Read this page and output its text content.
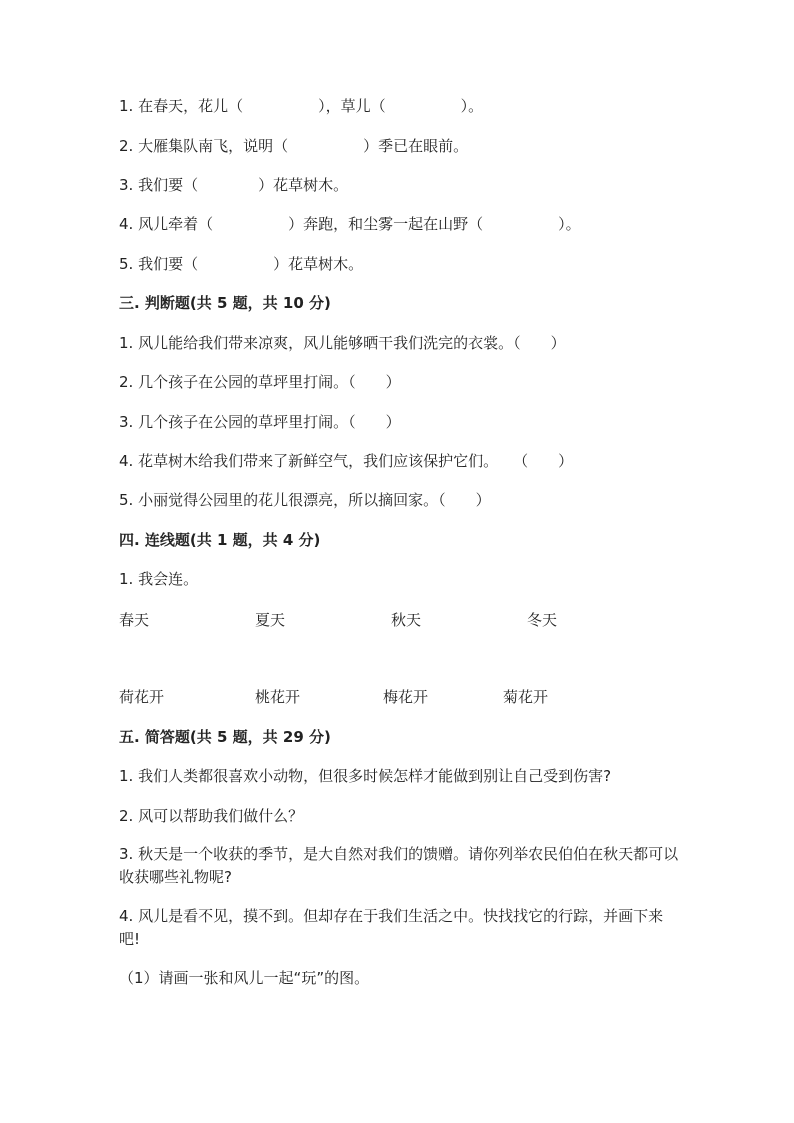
1. 在春天，花儿（　　　　　），草儿（　　　　　）。
2. 大雁集队南飞，说明（　　　　　）季已在眼前。
3. 我们要（　　　　）花草树木。
4. 风儿牵着（　　　　　）奔跑，和尘雾一起在山野（　　　　　）。
5. 我们要（　　　　　）花草树木。
三. 判断题(共 5 题，共 10 分)
1. 风儿能给我们带来凉爽，风儿能够晒干我们洗完的衣裳。（　　）
2. 几个孩子在公园的草坪里打闹。（　　）
3. 几个孩子在公园的草坪里打闹。（　　）
4. 花草树木给我们带来了新鲜空气，我们应该保护它们。　　（　　）
5. 小丽觉得公园里的花儿很漂亮，所以摘回家。（　　）
四. 连线题(共 1 题，共 4 分)
1. 我会连。
春天	夏天	秋天	冬天
荷花开	桃花开	梅花开	菊花开
五. 简答题(共 5 题，共 29 分)
1. 我们人类都很喜欢小动物，但很多时候怎样才能做到别让自己受到伤害?
2. 风可以帮助我们做什么？
3. 秋天是一个收获的季节，是大自然对我们的馈赠。请你列举农民伯伯在秋天都可以收获哪些礼物呢?
4. 风儿是看不见，摸不到。但却存在于我们生活之中。快找找它的行踪，并画下来吧!
（1）请画一张和风儿一起“玩”的图。
